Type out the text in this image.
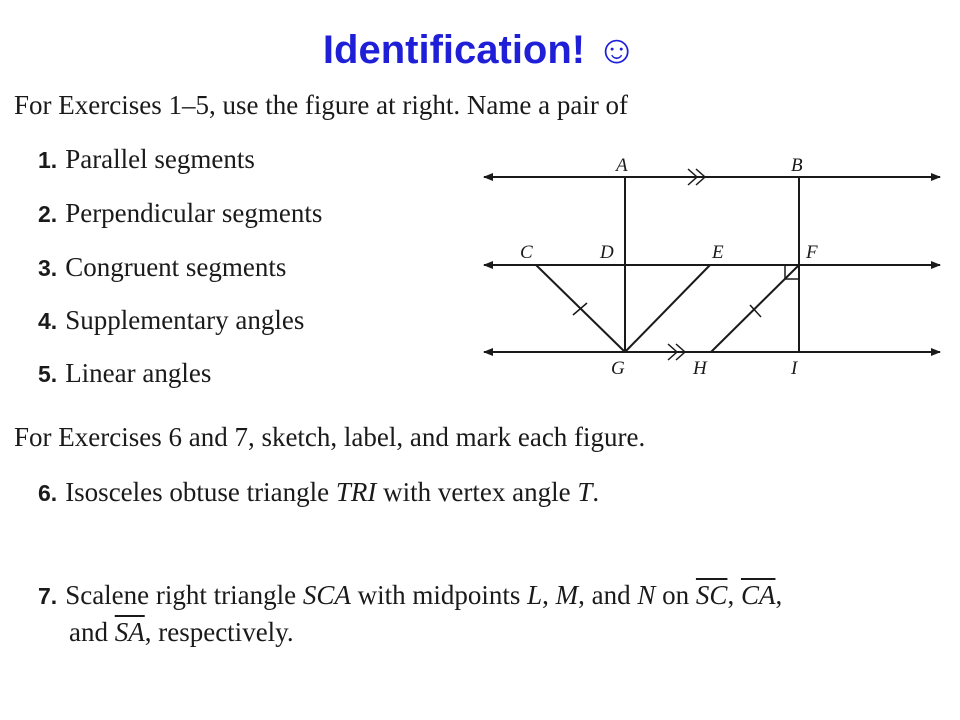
Identification! ☺
For Exercises 1–5, use the figure at right. Name a pair of
1. Parallel segments
2. Perpendicular segments
3. Congruent segments
4. Supplementary angles
5. Linear angles
A	B
C	D	E	F
G	H	I
For Exercises 6 and 7, sketch, label, and mark each figure.
6. Isosceles obtuse triangle TRI with vertex angle T.
7. Scalene right triangle SCA with midpoints L, M, and N on $\overline{SC}$, $\overline{CA}$,
and $\overline{SA}$, respectively.
